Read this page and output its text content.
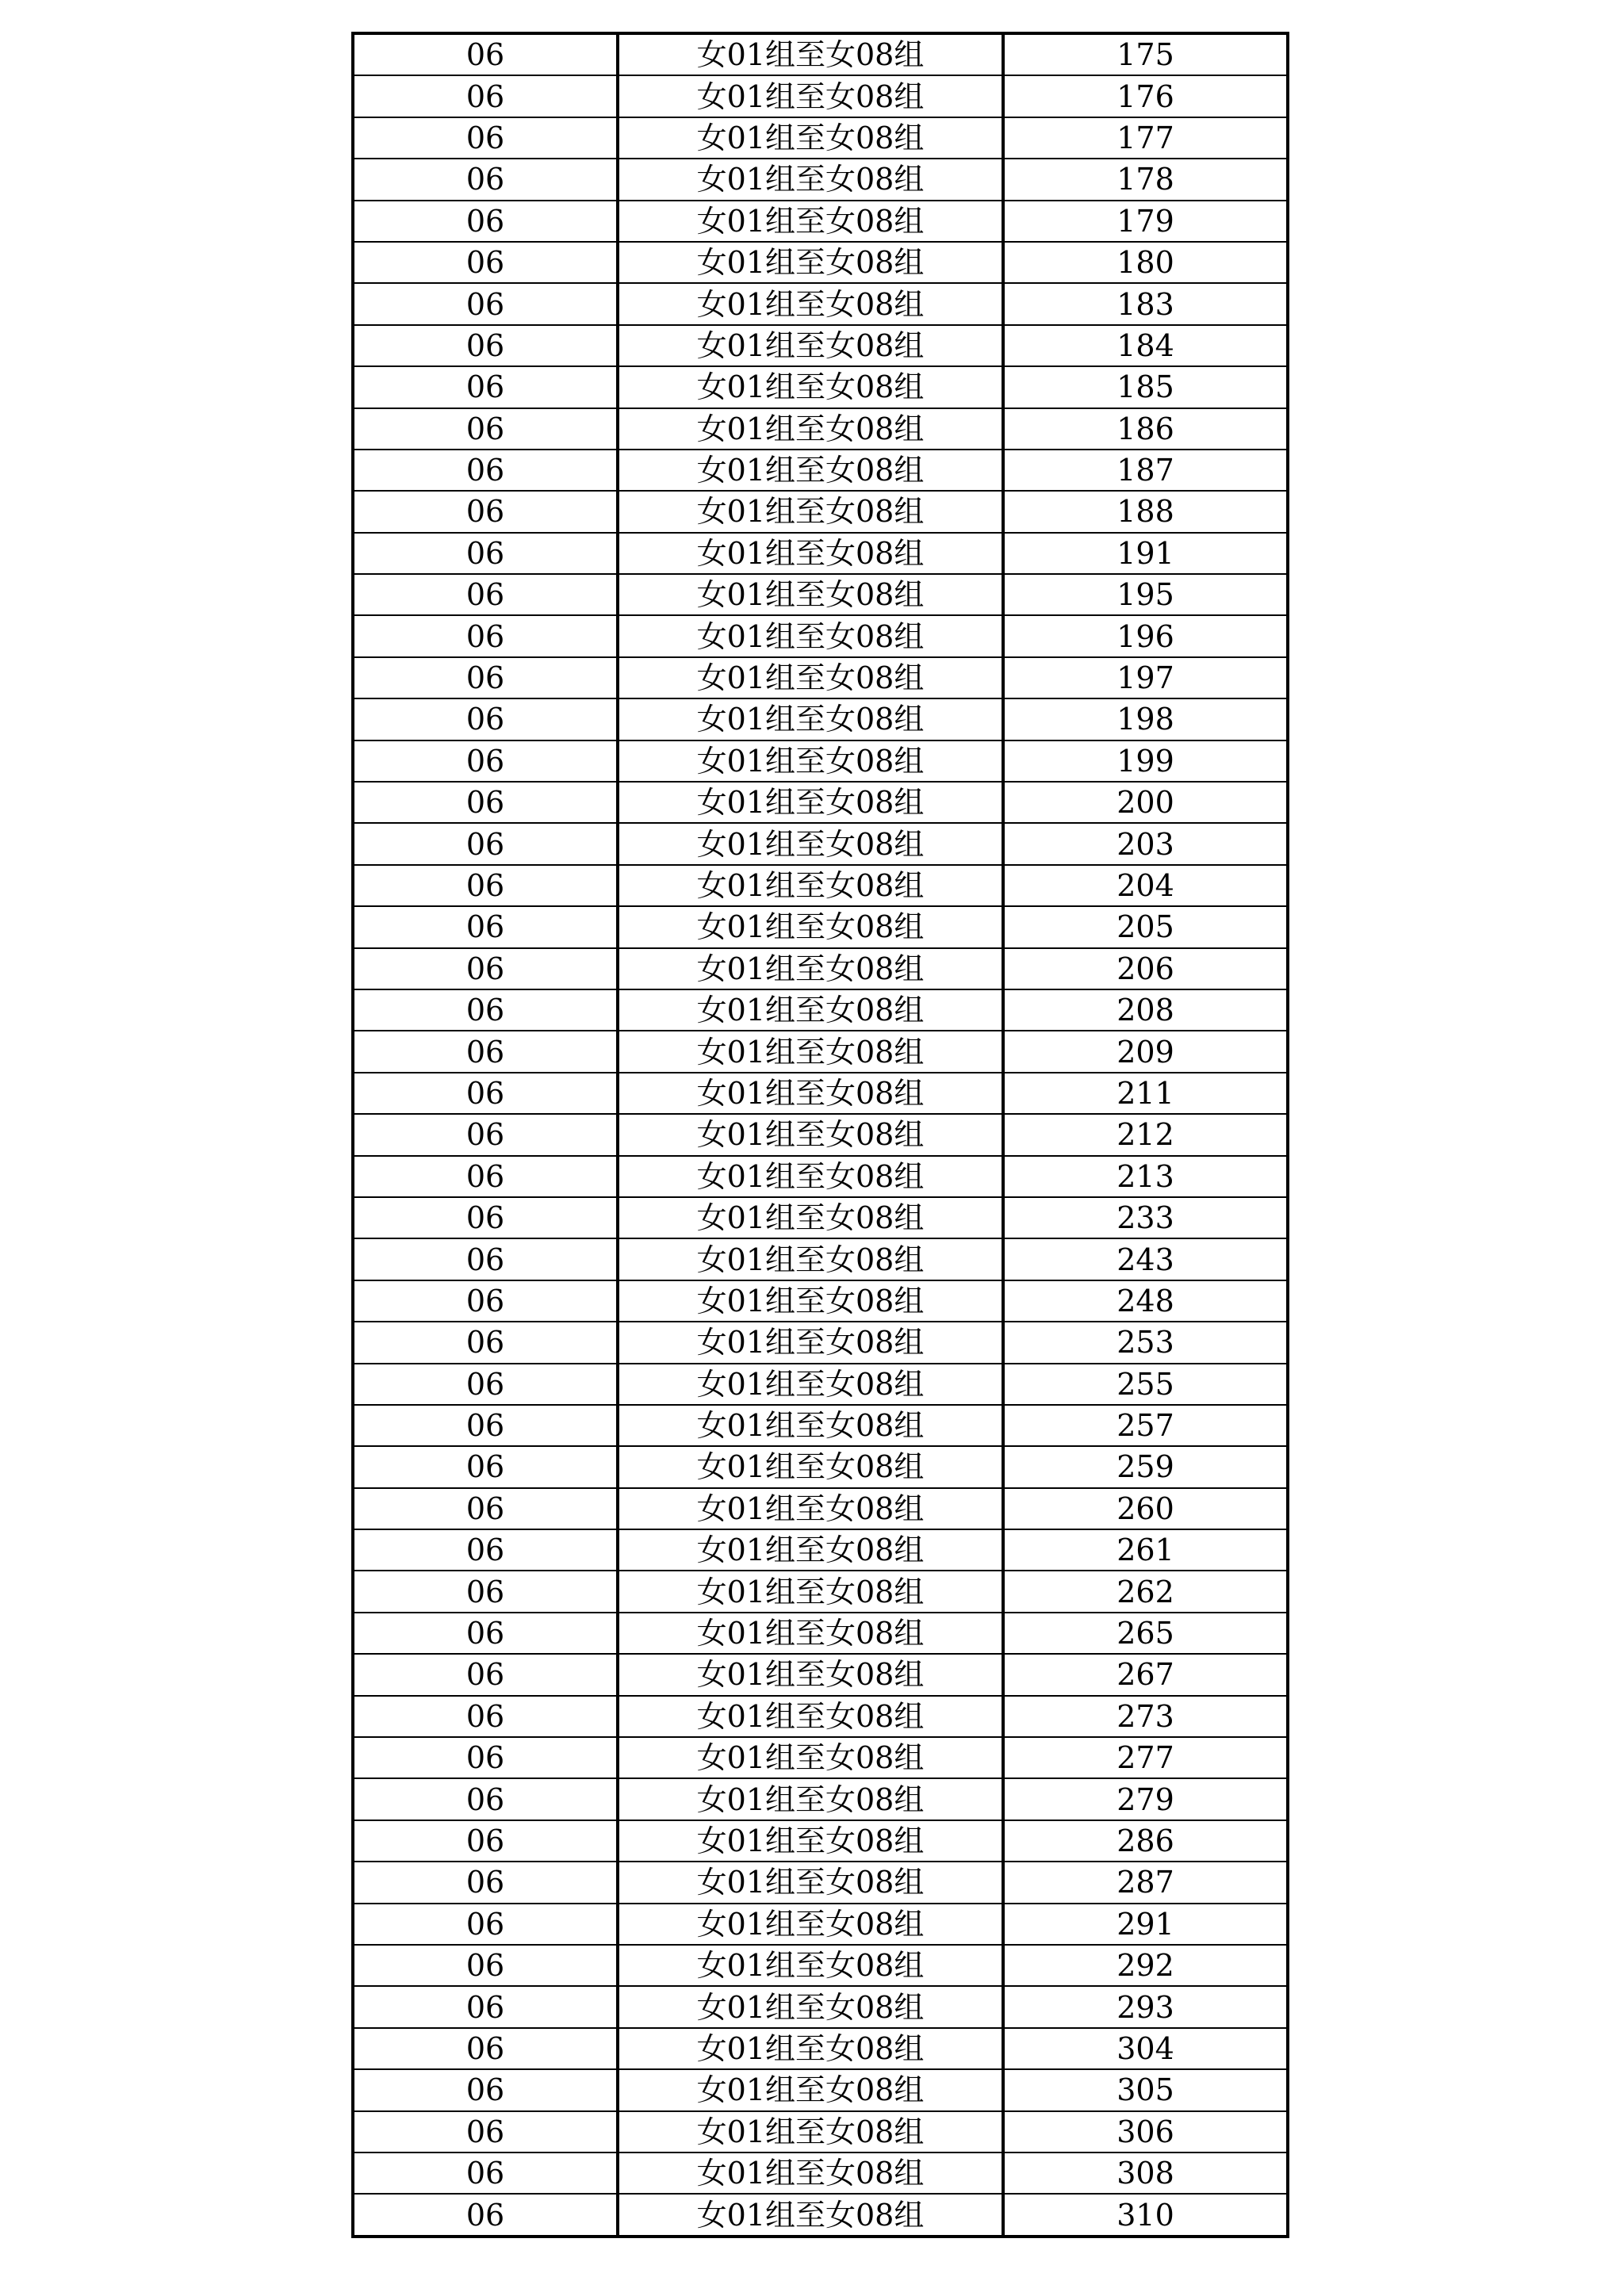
06	女01组至女08组	175
06	女01组至女08组	176
06	女01组至女08组	177
06	女01组至女08组	178
06	女01组至女08组	179
06	女01组至女08组	180
06	女01组至女08组	183
06	女01组至女08组	184
06	女01组至女08组	185
06	女01组至女08组	186
06	女01组至女08组	187
06	女01组至女08组	188
06	女01组至女08组	191
06	女01组至女08组	195
06	女01组至女08组	196
06	女01组至女08组	197
06	女01组至女08组	198
06	女01组至女08组	199
06	女01组至女08组	200
06	女01组至女08组	203
06	女01组至女08组	204
06	女01组至女08组	205
06	女01组至女08组	206
06	女01组至女08组	208
06	女01组至女08组	209
06	女01组至女08组	211
06	女01组至女08组	212
06	女01组至女08组	213
06	女01组至女08组	233
06	女01组至女08组	243
06	女01组至女08组	248
06	女01组至女08组	253
06	女01组至女08组	255
06	女01组至女08组	257
06	女01组至女08组	259
06	女01组至女08组	260
06	女01组至女08组	261
06	女01组至女08组	262
06	女01组至女08组	265
06	女01组至女08组	267
06	女01组至女08组	273
06	女01组至女08组	277
06	女01组至女08组	279
06	女01组至女08组	286
06	女01组至女08组	287
06	女01组至女08组	291
06	女01组至女08组	292
06	女01组至女08组	293
06	女01组至女08组	304
06	女01组至女08组	305
06	女01组至女08组	306
06	女01组至女08组	308
06	女01组至女08组	310
